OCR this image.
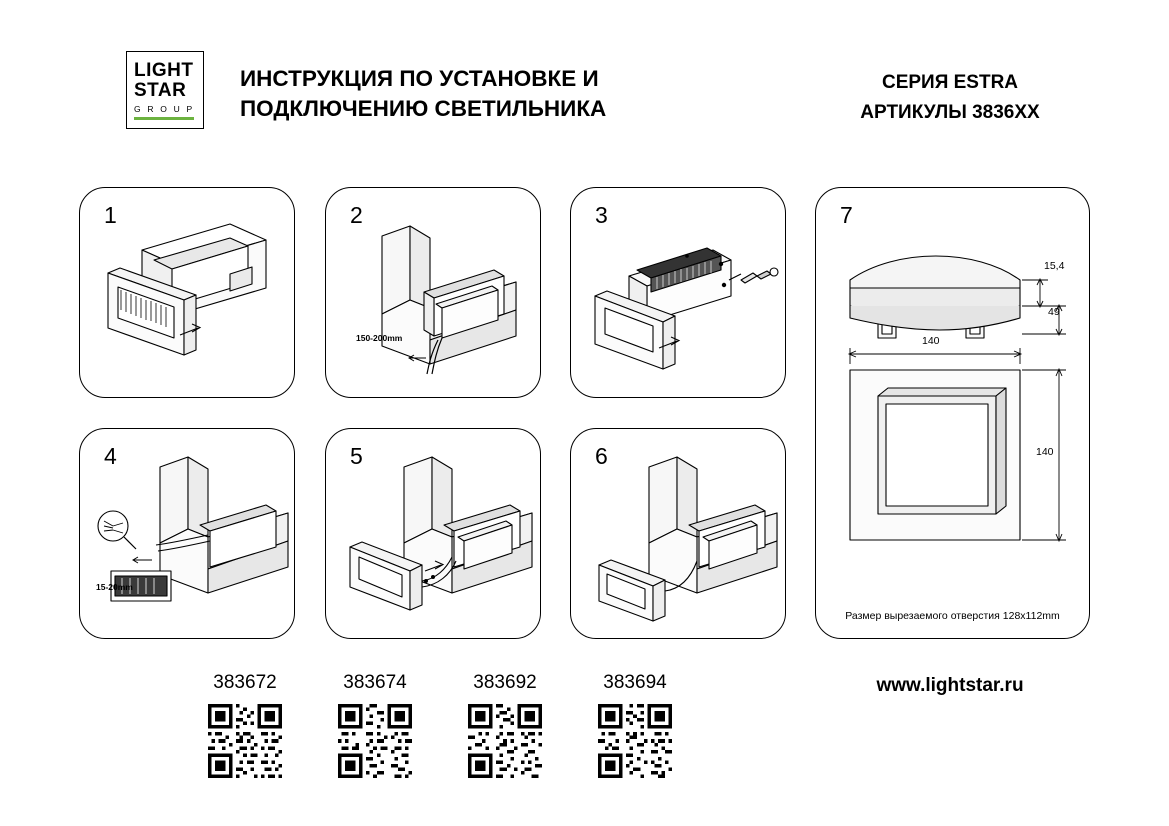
LIGHT
STAR
G R O U P
ИНСТРУКЦИЯ ПО УСТАНОВКЕ И
ПОДКЛЮЧЕНИЮ СВЕТИЛЬНИКА
СЕРИЯ ESTRA
АРТИКУЛЫ 3836XX
1	2
150-200mm
3
4
15-20mm
5	6
7
15,4
49
140
140
Размер вырезаемого отверстия 128x112mm
383672	383674	383692	383694	www.lightstar.ru
